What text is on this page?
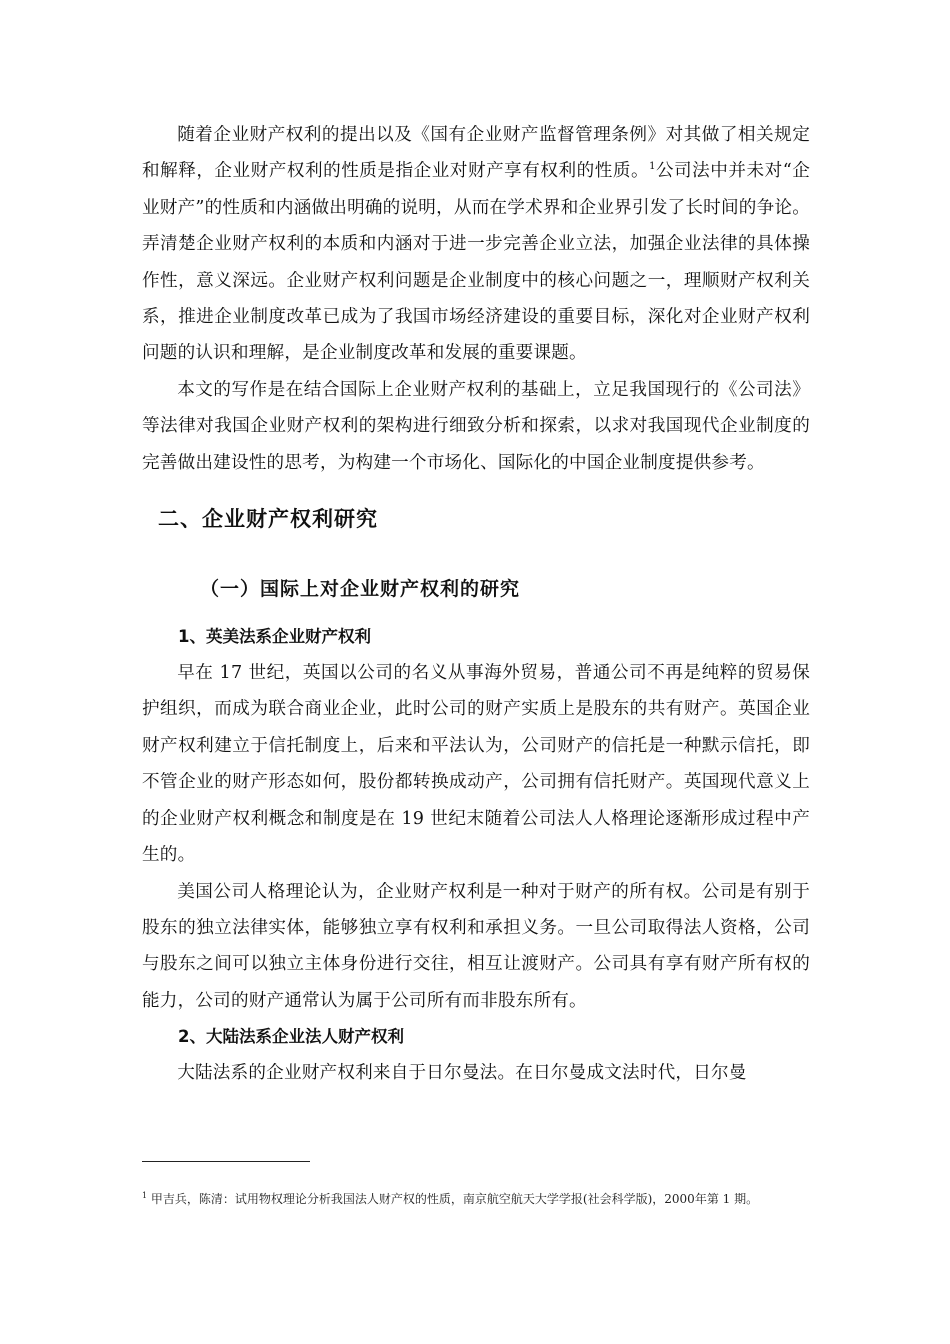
随着企业财产权利的提出以及《国有企业财产监督管理条例》对其做了相关规定和解释，企业财产权利的性质是指企业对财产享有权利的性质。$^1$公司法中并未对“企业财产”的性质和内涵做出明确的说明，从而在学术界和企业界引发了长时间的争论。弄清楚企业财产权利的本质和内涵对于进一步完善企业立法，加强企业法律的具体操作性，意义深远。企业财产权利问题是企业制度中的核心问题之一，理顺财产权利关系，推进企业制度改革已成为了我国市场经济建设的重要目标，深化对企业财产权利问题的认识和理解，是企业制度改革和发展的重要课题。

本文的写作是在结合国际上企业财产权利的基础上，立足我国现行的《公司法》等法律对我国企业财产权利的架构进行细致分析和探索，以求对我国现代企业制度的完善做出建设性的思考，为构建一个市场化、国际化的中国企业制度提供参考。

二、企业财产权利研究
（一）国际上对企业财产权利的研究
1、英美法系企业财产权利

早在 17 世纪，英国以公司的名义从事海外贸易，普通公司不再是纯粹的贸易保护组织，而成为联合商业企业，此时公司的财产实质上是股东的共有财产。英国企业财产权利建立于信托制度上，后来和平法认为，公司财产的信托是一种默示信托，即不管企业的财产形态如何，股份都转换成动产，公司拥有信托财产。英国现代意义上的企业财产权利概念和制度是在 19 世纪末随着公司法人人格理论逐渐形成过程中产生的。

美国公司人格理论认为，企业财产权利是一种对于财产的所有权。公司是有别于股东的独立法律实体，能够独立享有权利和承担义务。一旦公司取得法人资格，公司与股东之间可以独立主体身份进行交往，相互让渡财产。公司具有享有财产所有权的能力，公司的财产通常认为属于公司所有而非股东所有。

2、大陆法系企业法人财产权利

大陆法系的企业财产权利来自于日尔曼法。在日尔曼成文法时代，日尔曼

$^1$ 甲吉兵，陈清：试用物权理论分析我国法人财产权的性质，南京航空航天大学学报(社会科学版)，2000年第 1 期。
